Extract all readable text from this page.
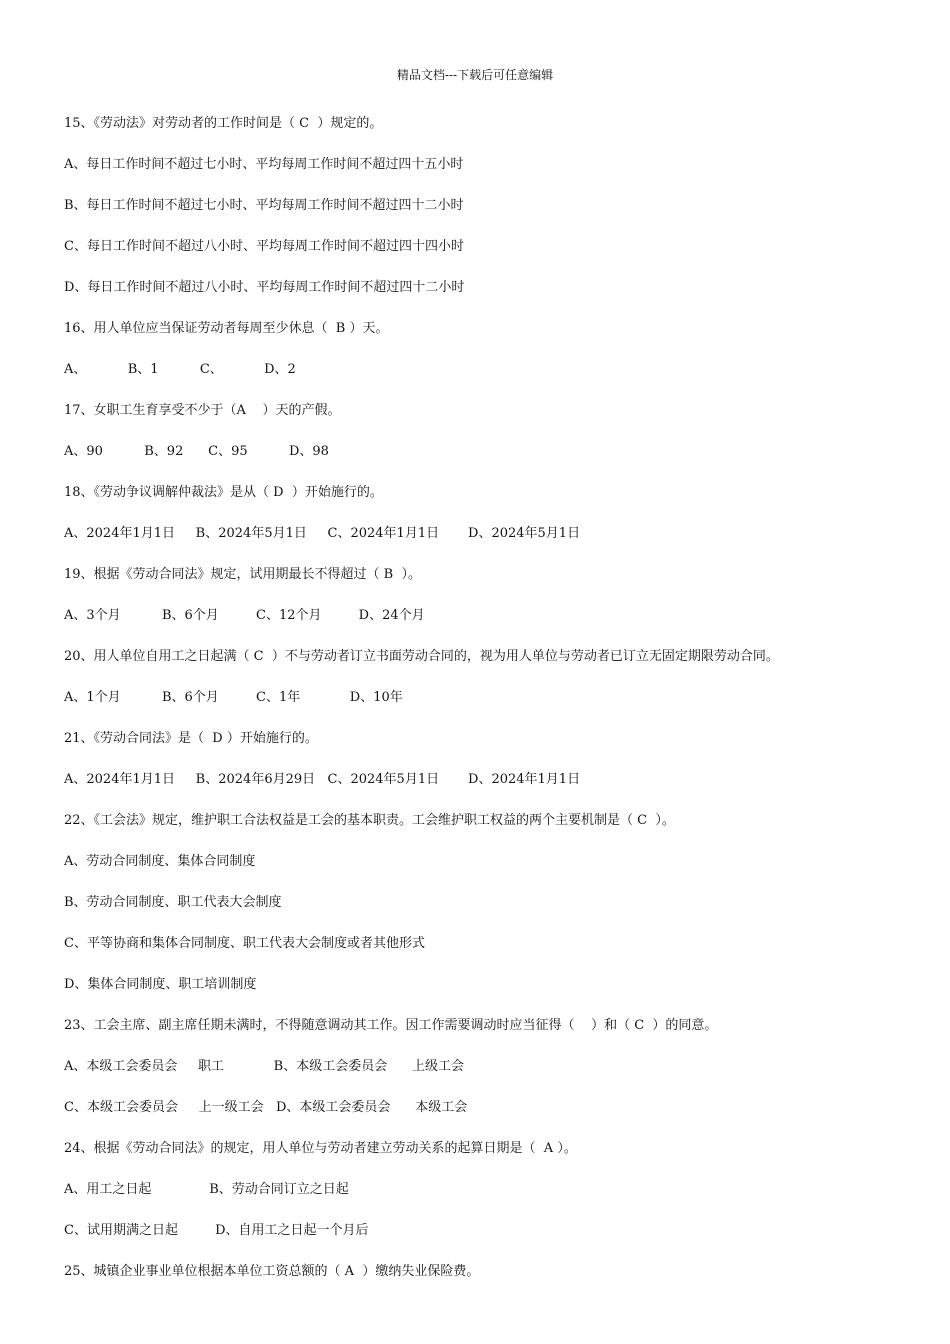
精品文档---下载后可任意编辑
15、《劳动法》对劳动者的工作时间是（ C  ）规定的。
A、每日工作时间不超过七小时、平均每周工作时间不超过四十五小时
B、每日工作时间不超过七小时、平均每周工作时间不超过四十二小时
C、每日工作时间不超过八小时、平均每周工作时间不超过四十四小时
D、每日工作时间不超过八小时、平均每周工作时间不超过四十二小时
16、用人单位应当保证劳动者每周至少休息（  B ）天。
A、          B、1          C、          D、2
17、女职工生育享受不少于（A    ）天的产假。
A、90          B、92      C、95          D、98
18、《劳动争议调解仲裁法》是从（ D  ）开始施行的。
A、2024年1月1日     B、2024年5月1日     C、2024年1月1日       D、2024年5月1日
19、根据《劳动合同法》规定，试用期最长不得超过（ B  ）。
A、3个月          B、6个月         C、12个月         D、24个月
20、用人单位自用工之日起满（ C  ）不与劳动者订立书面劳动合同的，视为用人单位与劳动者已订立无固定期限劳动合同。
A、1个月          B、6个月         C、1年            D、10年
21、《劳动合同法》是（  D ）开始施行的。
A、2024年1月1日     B、2024年6月29日   C、2024年5月1日       D、2024年1月1日
22、《工会法》规定，维护职工合法权益是工会的基本职责。工会维护职工权益的两个主要机制是（ C  ）。
A、劳动合同制度、集体合同制度
B、劳动合同制度、职工代表大会制度
C、平等协商和集体合同制度、职工代表大会制度或者其他形式
D、集体合同制度、职工培训制度
23、工会主席、副主席任期未满时，不得随意调动其工作。因工作需要调动时应当征得（    ）和（ C  ）的同意。
A、本级工会委员会     职工            B、本级工会委员会      上级工会
C、本级工会委员会     上一级工会   D、本级工会委员会      本级工会
24、根据《劳动合同法》的规定，用人单位与劳动者建立劳动关系的起算日期是（  A ）。
A、用工之日起              B、劳动合同订立之日起
C、试用期满之日起         D、自用工之日起一个月后
25、城镇企业事业单位根据本单位工资总额的（ A  ）缴纳失业保险费。
